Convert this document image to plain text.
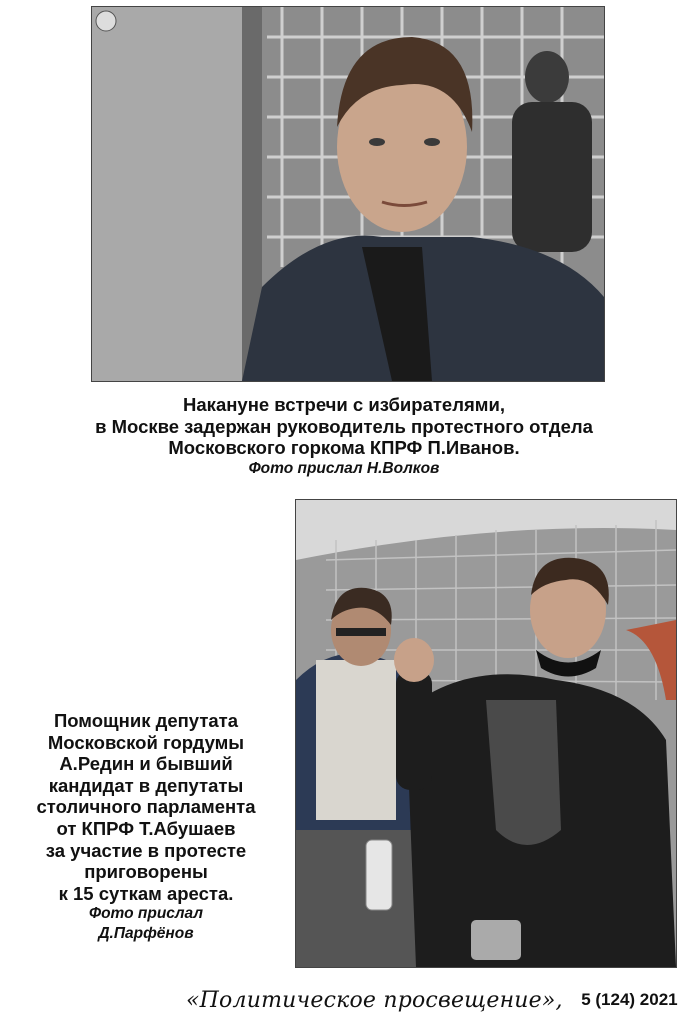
Накануне встречи с избирателями,
в Москве задержан руководитель протестного отдела
Московского горкома КПРФ П.Иванов.
Фото прислал Н.Волков
Помощник депутата
Московской гордумы
А.Редин и бывший
кандидат в депутаты
столичного парламента
от КПРФ Т.Абушаев
за участие в протесте
приговорены
к 15 суткам ареста.
Фото прислал
Д.Парфёнов
«Политическое просвещение», 5 (124) 2021
